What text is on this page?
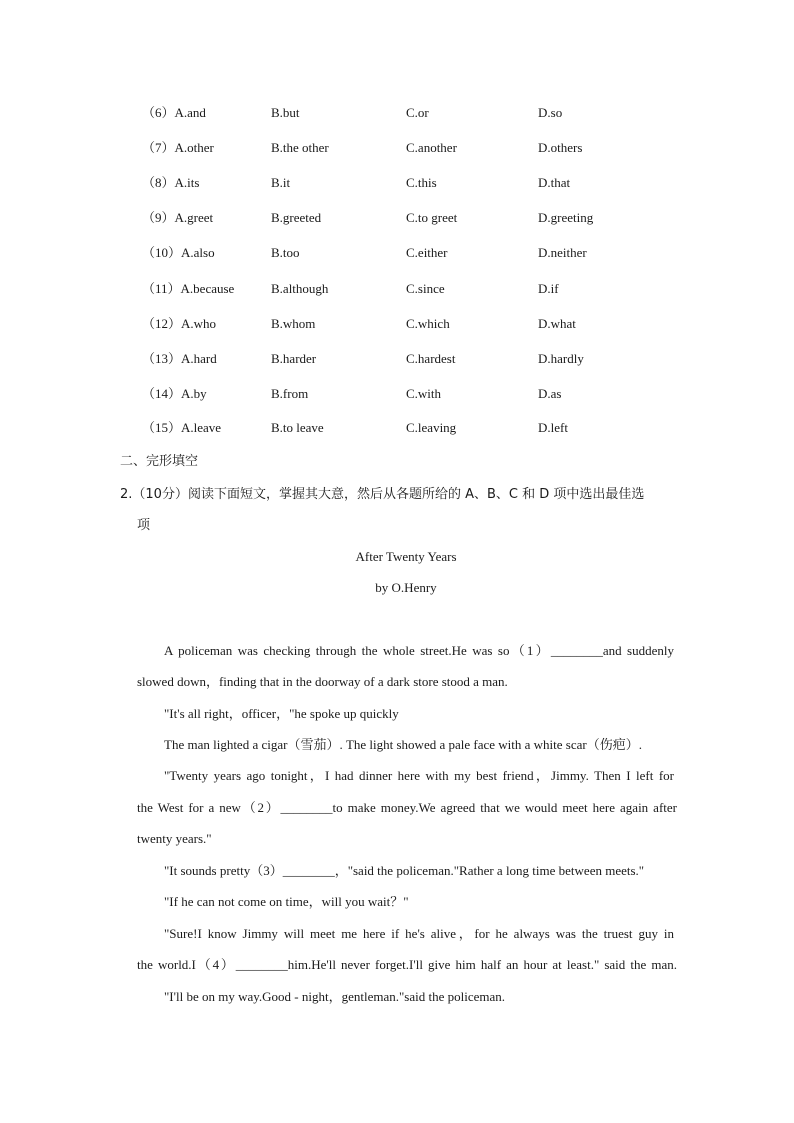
（6）A.and	B.but	C.or	D.so
（7）A.other	B.the other	C.another	D.others
（8）A.its	B.it	C.this	D.that
（9）A.greet	B.greeted	C.to greet	D.greeting
（10）A.also	B.too	C.either	D.neither
（11）A.because	B.although	C.since	D.if
（12）A.who	B.whom	C.which	D.what
（13）A.hard	B.harder	C.hardest	D.hardly
（14）A.by	B.from	C.with	D.as
（15）A.leave	B.to leave	C.leaving	D.left
二、完形填空
2.（10分）阅读下面短文，掌握其大意，然后从各题所给的 A、B、C 和 D 项中选出最佳选
项
After Twenty Years
by O.Henry
A policeman was checking through the whole street.He was so（1）________and suddenly
slowed down，finding that in the doorway of a dark store stood a man.
"It's all right，officer，"he spoke up quickly
The man lighted a cigar（雪茄）. The light showed a pale face with a white scar（伤疤）.
"Twenty years ago tonight，I had dinner here with my best friend，Jimmy. Then I left for
the West for a new（2）________to make money.We agreed that we would meet here again after
twenty years."
"It sounds pretty（3）________，"said the policeman."Rather a long time between meets."
"If he can not come on time，will you wait？"
"Sure!I know Jimmy will meet me here if he's alive，for he always was the truest guy in
the world.I（4）________him.He'll never forget.I'll give him half an hour at least." said the man.
"I'll be on my way.Good - night，gentleman."said the policeman.
